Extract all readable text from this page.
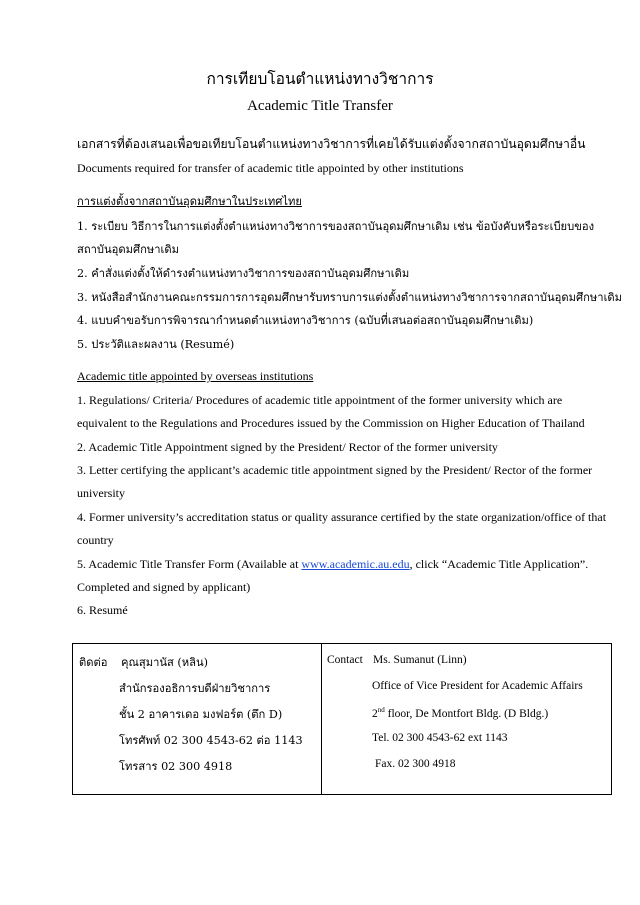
การเทียบโอนตำแหน่งทางวิชาการ
Academic Title Transfer
เอกสารที่ต้องเสนอเพื่อขอเทียบโอนตำแหน่งทางวิชาการที่เคยได้รับแต่งตั้งจากสถาบันอุดมศึกษาอื่น
Documents required for transfer of academic title appointed by other institutions
การแต่งตั้งจากสถาบันอุดมศึกษาในประเทศไทย
1. ระเบียบ วิธีการในการแต่งตั้งตำแหน่งทางวิชาการของสถาบันอุดมศึกษาเดิม เช่น ข้อบังคับหรือระเบียบของ
สถาบันอุดมศึกษาเดิม
2. คำสั่งแต่งตั้งให้ดำรงตำแหน่งทางวิชาการของสถาบันอุดมศึกษาเดิม
3. หนังสือสำนักงานคณะกรรมการการอุดมศึกษารับทราบการแต่งตั้งตำแหน่งทางวิชาการจากสถาบันอุดมศึกษาเดิม
4. แบบคำขอรับการพิจารณากำหนดตำแหน่งทางวิชาการ (ฉบับที่เสนอต่อสถาบันอุดมศึกษาเดิม)
5. ประวัติและผลงาน (Resumé)
Academic title appointed by overseas institutions
1. Regulations/ Criteria/ Procedures of academic title appointment of the former university which are
equivalent to the Regulations and Procedures issued by the Commission on Higher Education of Thailand
2. Academic Title Appointment signed by the President/ Rector of the former university
3. Letter certifying the applicant’s academic title appointment signed by the President/ Rector of the former
university
4. Former university’s accreditation status or quality assurance certified by the state organization/office of that
country
5. Academic Title Transfer Form (Available at www.academic.au.edu, click “Academic Title Application”.
Completed and signed by applicant)
6. Resumé
ติดต่อ คุณสุมานัส (หลิน)
สำนักรองอธิการบดีฝ่ายวิชาการ
ชั้น 2 อาคารเดอ มงฟอร์ต (ตึก D)
โทรศัพท์ 02 300 4543-62 ต่อ 1143
โทรสาร 02 300 4918
Contact Ms. Sumanut (Linn)
Office of Vice President for Academic Affairs
2nd floor, De Montfort Bldg. (D Bldg.)
Tel. 02 300 4543-62 ext 1143
Fax. 02 300 4918
